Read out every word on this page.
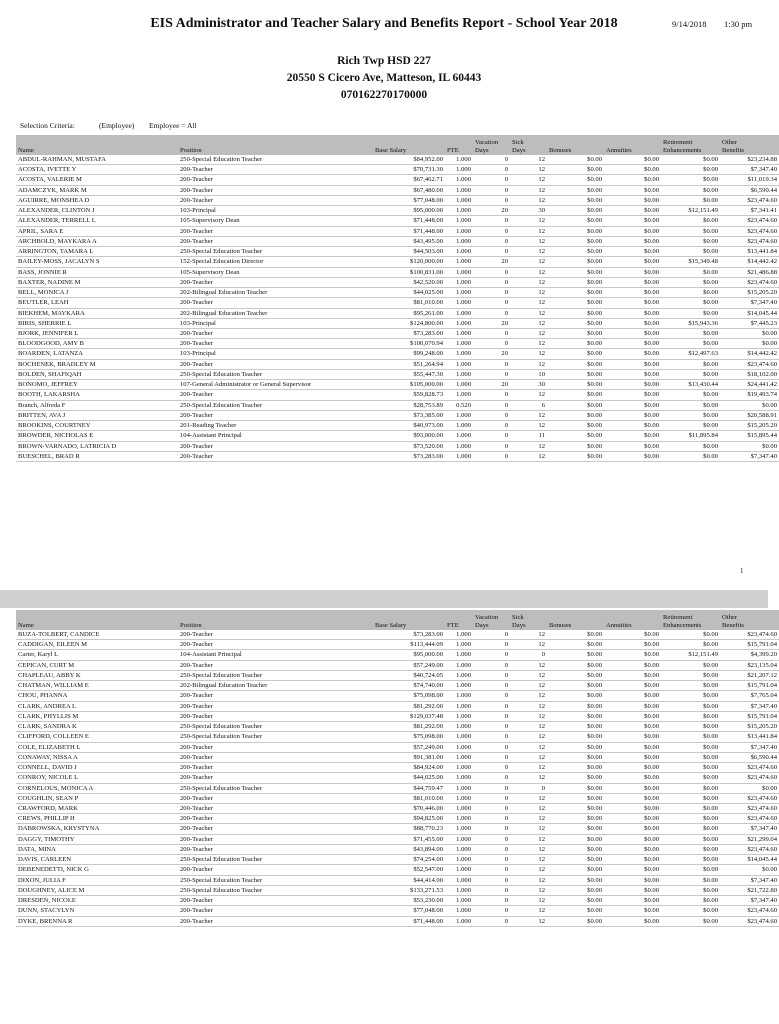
EIS Administrator and Teacher Salary and Benefits Report - School Year 2018	9/14/2018 1:30 pm
Rich Twp HSD 227
20550 S Cicero Ave, Matteson, IL 60443
070162270170000
Selection Criteria:	(Employee) Employee = All
Name	Position	Base Salary	FTE	Vacation
Days	Sick
Days	Bonuses	Annuities	Retirement
Enhancements	Other
Benefits
ABDUL-RAHMAN, MUSTAFA	250-Special Education Teacher	$84,952.00	1.000	0	12	$0.00	$0.00	$0.00	$23,234.88
ACOSTA, IVETTE Y	200-Teacher	$70,731.30	1.000	0	12	$0.00	$0.00	$0.00	$7,347.40
ACOSTA, VALERIE M	200-Teacher	$67,462.71	1.000	0	12	$0.00	$0.00	$0.00	$11,019.34
ADAMCZYK, MARK M	200-Teacher	$67,480.00	1.000	0	12	$0.00	$0.00	$0.00	$6,590.44
AGUIRRE, MONSHEA D	200-Teacher	$77,048.00	1.000	0	12	$0.00	$0.00	$0.00	$23,474.60
ALEXANDER, CLINTON J	103-Principal	$95,000.00	1.000	20	30	$0.00	$0.00	$12,151.49	$7,341.41
ALEXANDER, TERRELL L	105-Supervisory Dean	$71,448.00	1.000	0	12	$0.00	$0.00	$0.00	$23,474.60
APRIL, SARA E	200-Teacher	$71,448.00	1.000	0	12	$0.00	$0.00	$0.00	$23,474.60
ARCHBOLD, MAYKARA A	200-Teacher	$43,495.00	1.000	0	12	$0.00	$0.00	$0.00	$23,474.60
ARRINGTON, TAMARA L	250-Special Education Teacher	$44,503.00	1.000	0	12	$0.00	$0.00	$0.00	$13,441.84
BAILEY-MOSS, JACALYN S	152-Special Education Director	$120,000.00	1.000	20	12	$0.00	$0.00	$15,349.48	$14,442.42
BASS, JONNIE R	105-Supervisory Dean	$100,831.00	1.000	0	12	$0.00	$0.00	$0.00	$21,486.88
BAXTER, NADINE M	200-Teacher	$42,520.00	1.000	0	12	$0.00	$0.00	$0.00	$23,474.60
BELL, MONICA J	202-Bilingual Education Teacher	$44,025.00	1.000	0	12	$0.00	$0.00	$0.00	$15,205.20
BEUTLER, LEAH	200-Teacher	$81,010.00	1.000	0	12	$0.00	$0.00	$0.00	$7,347.40
BIEKHEM, MAYKARA	202-Bilingual Education Teacher	$95,261.00	1.000	0	12	$0.00	$0.00	$0.00	$14,045.44
BIRIS, SHERRIE L	103-Principal	$124,800.00	1.000	20	12	$0.00	$0.00	$15,943.36	$7,445.23
BJORK, JENNIFER L	200-Teacher	$73,283.00	1.000	0	12	$0.00	$0.00	$0.00	$0.00
BLOODGOOD, AMY B	200-Teacher	$100,070.94	1.000	0	12	$0.00	$0.00	$0.00	$0.00
BOARDEN, LATANZA	103-Principal	$99,248.00	1.000	20	12	$0.00	$0.00	$12,497.63	$14,442.42
BOCHENEK, BRADLEY M	200-Teacher	$51,264.94	1.000	0	12	$0.00	$0.00	$0.00	$23,474.60
BOLDEN, SHAFIQAH	250-Special Education Teacher	$55,447.30	1.000	0	10	$0.00	$0.00	$0.00	$18,102.00
BONOMO, JEFFREY	107-General Administrator or General Supervisor	$105,000.00	1.000	20	30	$0.00	$0.00	$13,430.44	$24,441.42
BOOTH, LAKARSHA	200-Teacher	$59,828.73	1.000	0	12	$0.00	$0.00	$0.00	$19,493.74
Branch, Alfreda F	250-Special Education Teacher	$28,753.89	0.520	0	6	$0.00	$0.00	$0.00	$0.00
BRITTEN, AVA J	200-Teacher	$73,385.00	1.000	0	12	$0.00	$0.00	$0.00	$20,588.91
BROOKINS, COURTNEY	201-Reading Teacher	$40,973.00	1.000	0	12	$0.00	$0.00	$0.00	$15,205.20
BROWDER, NICHOLAS E	104-Assistant Principal	$93,000.00	1.000	0	11	$0.00	$0.00	$11,895.84	$15,895.44
BROWN-VARNADO, LATRICIA D	200-Teacher	$73,520.00	1.000	0	12	$0.00	$0.00	$0.00	$0.00
BUESCHEL, BRAD R	200-Teacher	$73,283.00	1.000	0	12	$0.00	$0.00	$0.00	$7,347.40
1
Name	Position	Base Salary	FTE	Vacation
Days	Sick
Days	Bonuses	Annuities	Retirement
Enhancements	Other
Benefits
BUZA-TOLBERT, CANDICE	200-Teacher	$73,283.00	1.000	0	12	$0.00	$0.00	$0.00	$23,474.60
CADDIGAN, EILEEN M	200-Teacher	$113,444.09	1.000	0	12	$0.00	$0.00	$0.00	$15,791.04
Carter, Karyl L	104-Assistant Principal	$95,000.00	1.000	0	0	$0.00	$0.00	$12,151.49	$4,399.20
CEPICAN, CURT M	200-Teacher	$57,249.00	1.000	0	12	$0.00	$0.00	$0.00	$23,135.04
CHAPLEAU, ABBY K	250-Special Education Teacher	$40,724.05	1.000	0	12	$0.00	$0.00	$0.00	$21,207.12
CHATMAN, WILLIAM E	202-Bilingual Education Teacher	$74,740.00	1.000	0	12	$0.00	$0.00	$0.00	$15,791.04
CHOU, PHANNA	200-Teacher	$75,098.00	1.000	0	12	$0.00	$0.00	$0.00	$7,765.04
CLARK, ANDREA L	200-Teacher	$81,292.00	1.000	0	12	$0.00	$0.00	$0.00	$7,347.40
CLARK, PHYLLIS M	200-Teacher	$129,037.48	1.000	0	12	$0.00	$0.00	$0.00	$15,791.04
CLARK, SANDRA K	250-Special Education Teacher	$81,292.00	1.000	0	12	$0.00	$0.00	$0.00	$15,205.20
CLIFFORD, COLLEEN E	250-Special Education Teacher	$75,098.00	1.000	0	12	$0.00	$0.00	$0.00	$13,441.84
COLE, ELIZABETH L	200-Teacher	$57,249.00	1.000	0	12	$0.00	$0.00	$0.00	$7,347.40
CONAWAY, NISSA A	200-Teacher	$91,381.00	1.000	0	12	$0.00	$0.00	$0.00	$6,590.44
CONNELL, DAVID J	200-Teacher	$84,924.00	1.000	0	12	$0.00	$0.00	$0.00	$23,474.60
CONROY, NICOLE L	200-Teacher	$44,025.00	1.000	0	12	$0.00	$0.00	$0.00	$23,474.60
CORNELOUS, MONICA A	250-Special Education Teacher	$44,759.47	1.000	0	0	$0.00	$0.00	$0.00	$0.00
COUGHLIN, SEAN P	200-Teacher	$81,010.00	1.000	0	12	$0.00	$0.00	$0.00	$23,474.60
CRAWFORD, MARK	200-Teacher	$70,446.00	1.000	0	12	$0.00	$0.00	$0.00	$23,474.60
CREWS, PHILLIP H	200-Teacher	$94,825.00	1.000	0	12	$0.00	$0.00	$0.00	$23,474.60
DABROWSKA, KRYSTYNA	200-Teacher	$88,770.23	1.000	0	12	$0.00	$0.00	$0.00	$7,347.40
DAGGY, TIMOTHY	200-Teacher	$71,455.00	1.000	0	12	$0.00	$0.00	$0.00	$21,299.04
DATA, MINA	200-Teacher	$43,894.00	1.000	0	12	$0.00	$0.00	$0.00	$23,474.60
DAVIS, CARLEEN	250-Special Education Teacher	$74,254.00	1.000	0	12	$0.00	$0.00	$0.00	$14,045.44
DEBENEDETTI, NICK G	200-Teacher	$52,547.00	1.000	0	12	$0.00	$0.00	$0.00	$0.00
DIXON, JULIA F	250-Special Education Teacher	$44,414.00	1.000	0	12	$0.00	$0.00	$0.00	$7,347.40
DOUGHNEY, ALICE M	250-Special Education Teacher	$133,271.53	1.000	0	12	$0.00	$0.00	$0.00	$21,722.80
DRESDEN, NICOLE	200-Teacher	$53,230.00	1.000	0	12	$0.00	$0.00	$0.00	$7,347.40
DUNN, STACYLYN	200-Teacher	$77,048.00	1.000	0	12	$0.00	$0.00	$0.00	$23,474.60
DYKE, BRENNA R	200-Teacher	$71,448.00	1.000	0	12	$0.00	$0.00	$0.00	$23,474.60
